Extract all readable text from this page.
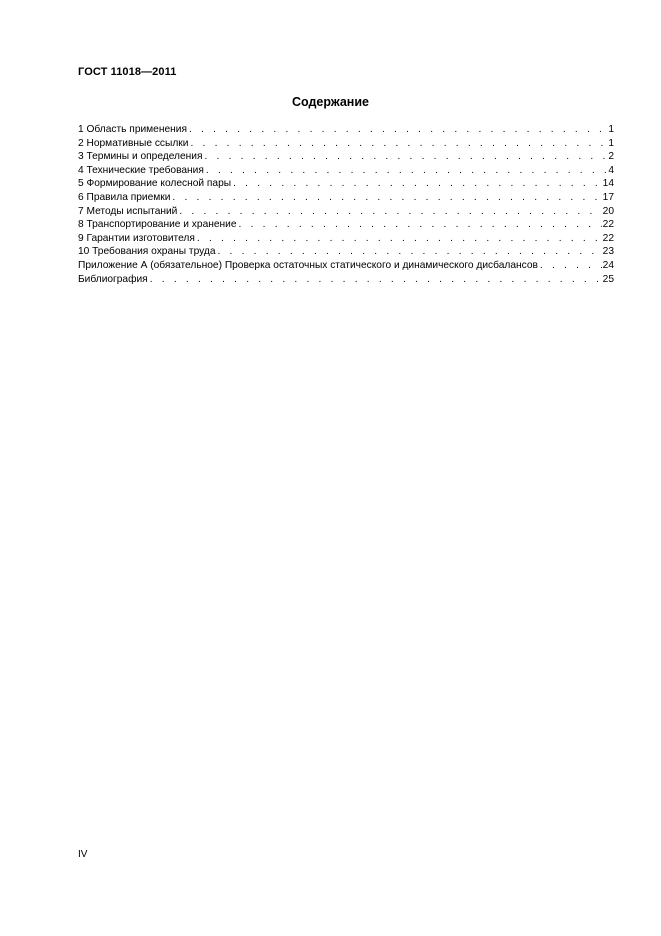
ГОСТ 11018—2011
Содержание
1 Область применения . . .	1
2 Нормативные ссылки . . .	1
3 Термины и определения . . .	2
4 Технические требования . . .	4
5 Формирование колесной пары . . .	14
6 Правила приемки . . .	17
7 Методы испытаний . . .	20
8 Транспортирование и хранение . . .	22
9 Гарантии изготовителя . . .	22
10 Требования охраны труда . . .	23
Приложение А (обязательное) Проверка остаточных статического и динамического дисбалансов . . .	24
Библиография . . .	25
IV
